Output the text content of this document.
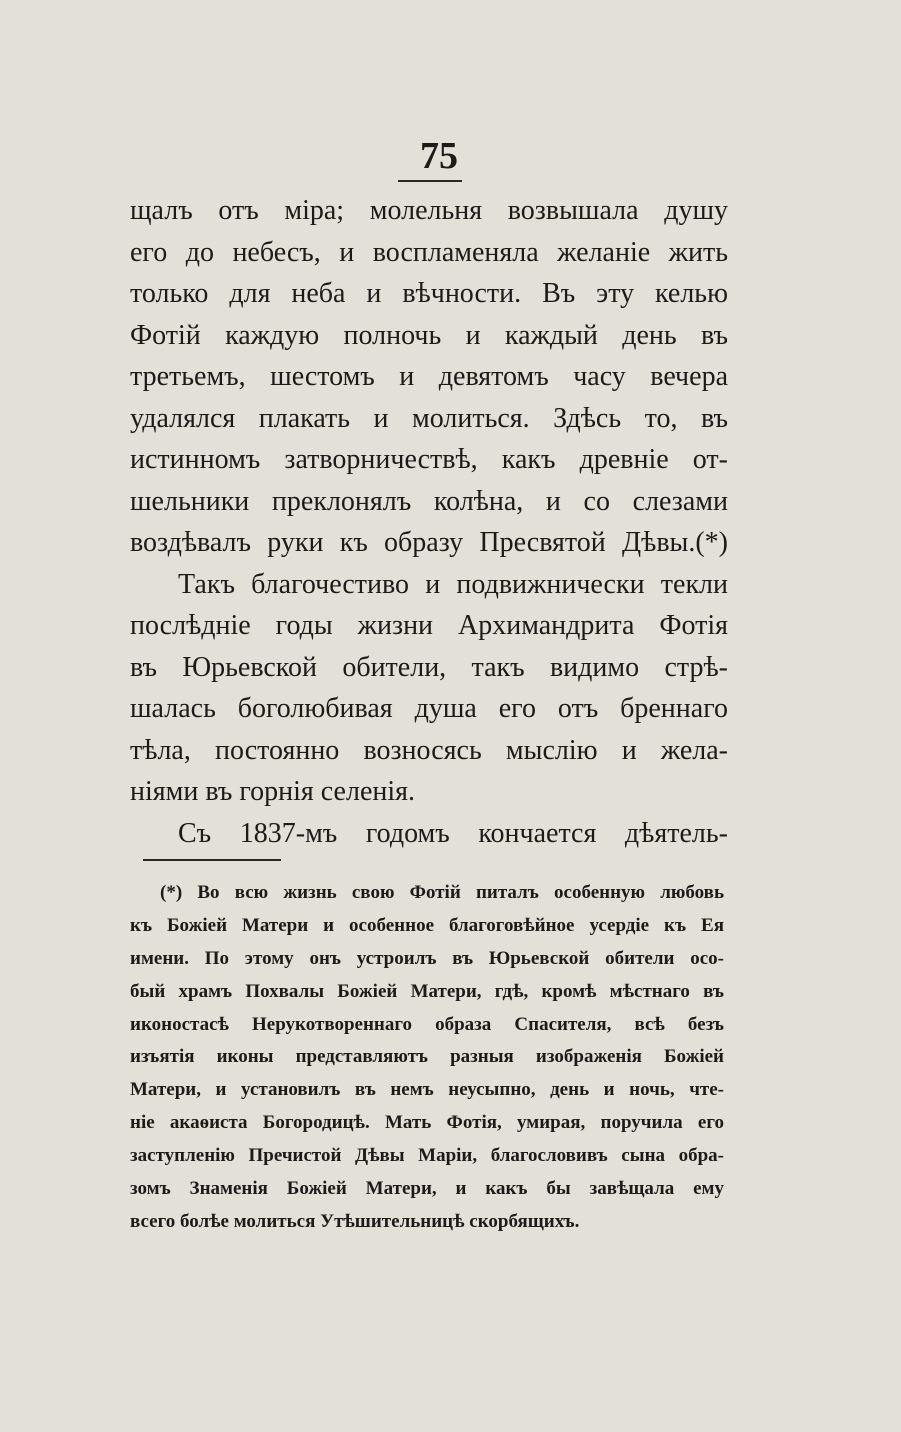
75
щалъ отъ міра; молельня возвышала душу
его до небесъ, и воспламеняла желаніе жить
только для неба и вѣчности. Въ эту келью
Фотій каждую полночь и каждый день въ
третьемъ, шестомъ и девятомъ часу вечера
удалялся плакать и молиться. Здѣсь то, въ
истинномъ затворничествѣ, какъ древніе от-
шельники преклонялъ колѣна, и со слезами
воздѣвалъ руки къ образу Пресвятой Дѣвы.(*)
Такъ благочестиво и подвижнически текли
послѣдніе годы жизни Архимандрита Фотія
въ Юрьевской обители, такъ видимо стрѣ-
шалась боголюбивая душа его отъ бреннаго
тѣла, постоянно возносясь мыслію и жела-
ніями въ горнія селенія.
Съ 1837-мъ годомъ кончается дѣятель-
(*) Во всю жизнь свою Фотій питалъ особенную любовь
къ Божіей Матери и особенное благоговѣйное усердіе къ Ея
имени. По этому онъ устроилъ въ Юрьевской обители осо-
бый храмъ Похвалы Божіей Матери, гдѣ, кромѣ мѣстнаго въ
иконостасѣ Нерукотвореннаго образа Спасителя, всѣ безъ
изъятія иконы представляютъ разныя изображенія Божіей
Матери, и установилъ въ немъ неусыпно, день и ночь, чте-
ніе акаѳиста Богородицѣ. Мать Фотія, умирая, поручила его
заступленію Пречистой Дѣвы Маріи, благословивъ сына обра-
зомъ Знаменія Божіей Матери, и какъ бы завѣщала ему
всего болѣе молиться Утѣшительницѣ скорбящихъ.
